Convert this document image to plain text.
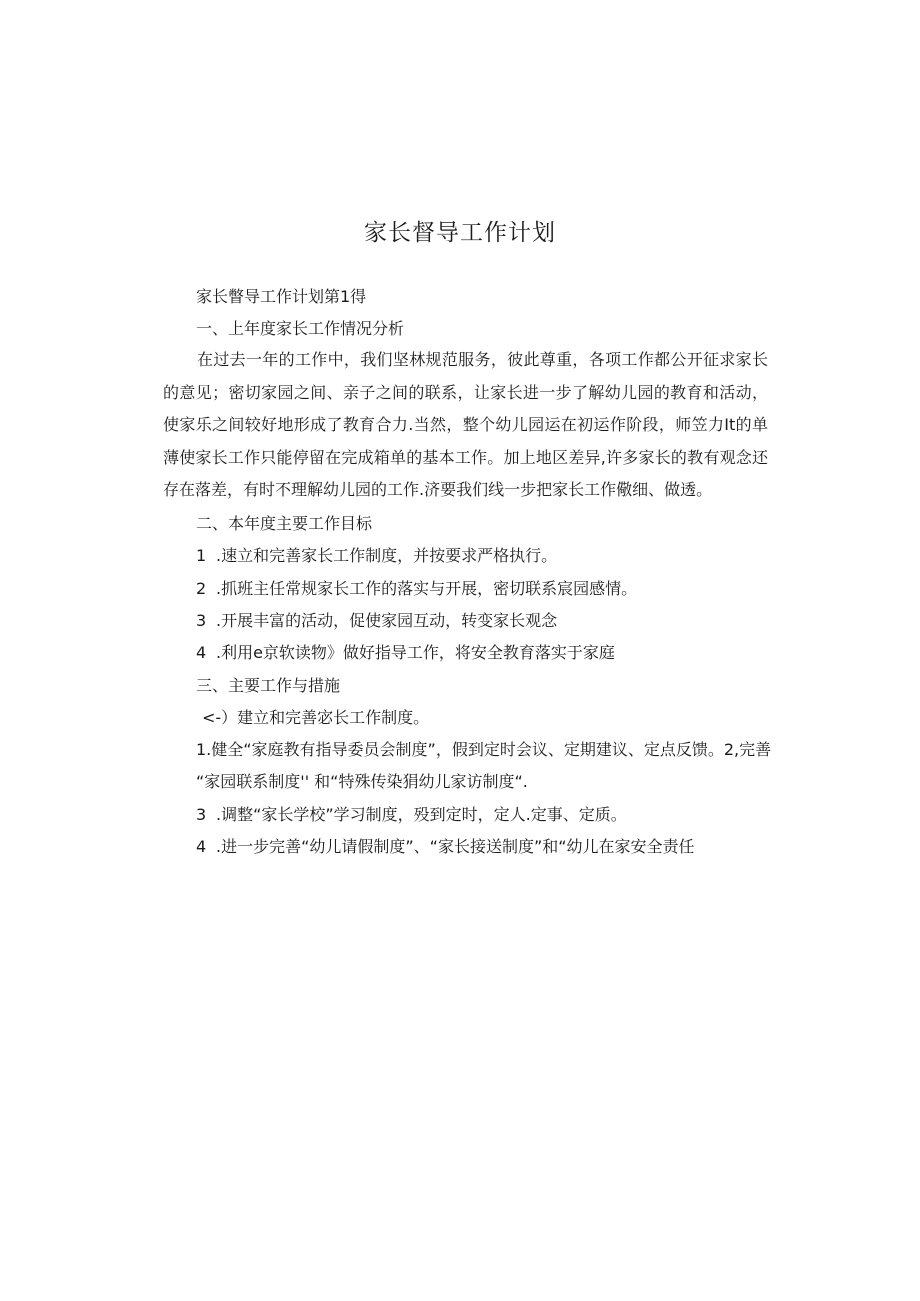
家长督导工作计划
家长瞥导工作计划第1得
一、上年度家长工作情况分析
在过去一年的工作中，我们坚林规范服务，彼此尊重，各项工作都公开征求家长的意见；密切家园之间、亲子之间的联系，让家长进一步了解幼儿园的教育和活动，使家乐之间较好地形成了教育合力.当然，整个幼儿园运在初运作阶段，师笠力It的单薄使家长工作只能停留在完成箱单的基本工作。加上地区差异,许多家长的教有观念还存在落差，有时不理解幼儿园的工作.济要我们线一步把家长工作儆细、做透。
二、本年度主要工作目标
1 .速立和完善家长工作制度，并按要求严格执行。
2 .抓班主任常规家长工作的落实与开展，密切联系宸园感情。
3 .开展丰富的活动，促使家园互动，转变家长观念
4 .利用e京软读物》做好指导工作，将安全教育落实于家庭
三、主要工作与措施
<-）建立和完善宓长工作制度。
1.健全“家庭教有指导委员会制度”，假到定时会议、定期建议、定点反馈。2,完善
“家园联系制度'' 和“特殊传染狷幼儿家访制度“.
3 .调整“家长学校”学习制度，殁到定时，定人.定事、定质。
4 .进一步完善“幼儿请假制度”、“家长接送制度”和“幼儿在家安全责任
